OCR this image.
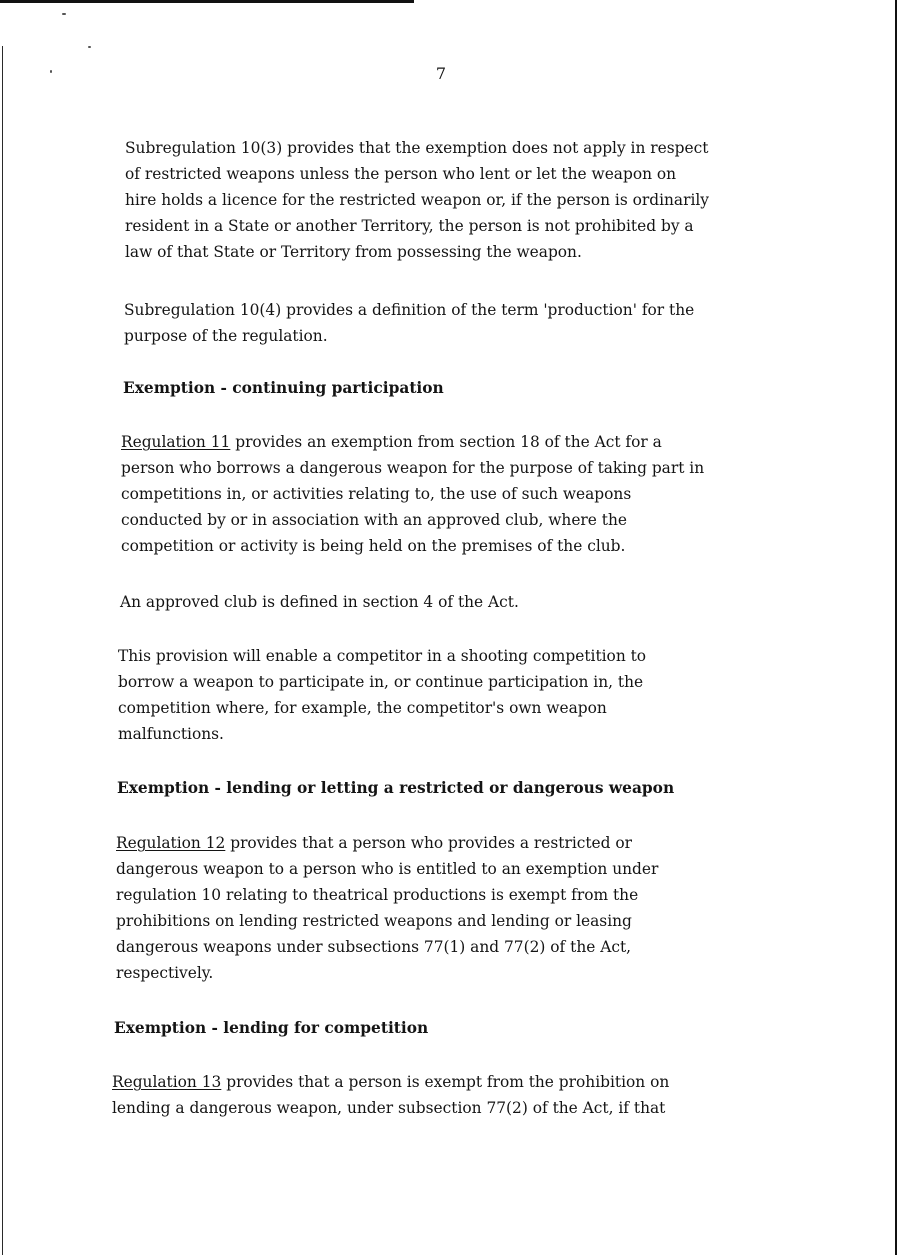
7

Subregulation 10(3) provides that the exemption does not apply in respect
of restricted weapons unless the person who lent or let the weapon on
hire holds a licence for the restricted weapon or, if the person is ordinarily
resident in a State or another Territory, the person is not prohibited by a
law of that State or Territory from possessing the weapon.

Subregulation 10(4) provides a definition of the term 'production' for the
purpose of the regulation.

Exemption - continuing participation

Regulation 11 provides an exemption from section 18 of the Act for a
person who borrows a dangerous weapon for the purpose of taking part in
competitions in, or activities relating to, the use of such weapons
conducted by or in association with an approved club, where the
competition or activity is being held on the premises of the club.

An approved club is defined in section 4 of the Act.

This provision will enable a competitor in a shooting competition to
borrow a weapon to participate in, or continue participation in, the
competition where, for example, the competitor's own weapon
malfunctions.

Exemption - lending or letting a restricted or dangerous weapon

Regulation 12 provides that a person who provides a restricted or
dangerous weapon to a person who is entitled to an exemption under
regulation 10 relating to theatrical productions is exempt from the
prohibitions on lending restricted weapons and lending or leasing
dangerous weapons under subsections 77(1) and 77(2) of the Act,
respectively.

Exemption - lending for competition

Regulation 13 provides that a person is exempt from the prohibition on
lending a dangerous weapon, under subsection 77(2) of the Act, if that
